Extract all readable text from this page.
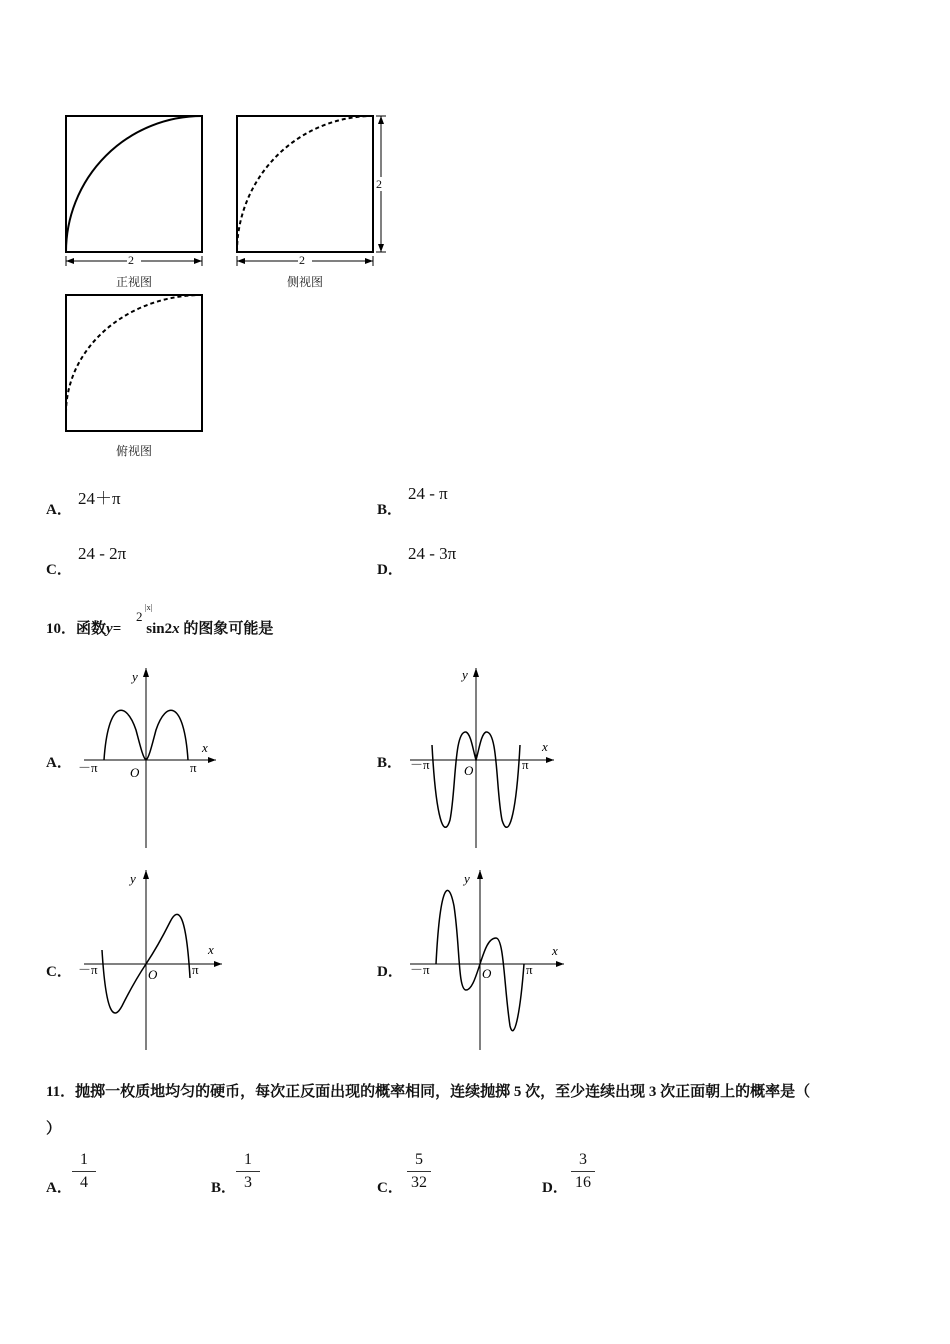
2	2
2
正视图	侧视图
俯视图
A．
24＋π
B．
24 - π
C．
24 - 2π
D．
24 - 3π
10．函数y= sin2x 的图象可能是
2
|x|
A．
y
x
O
－π	π	B．
y
x
O
－π	π
C．
y
x
O
－π	π	D．
y
x
O
－π	π
11．抛掷一枚质地均匀的硬币，每次正反面出现的概率相同，连续抛掷 5 次，至少连续出现 3 次正面朝上的概率是（
）
A．
1
4	B．
1
3	C．
5
32	D．
3
16
